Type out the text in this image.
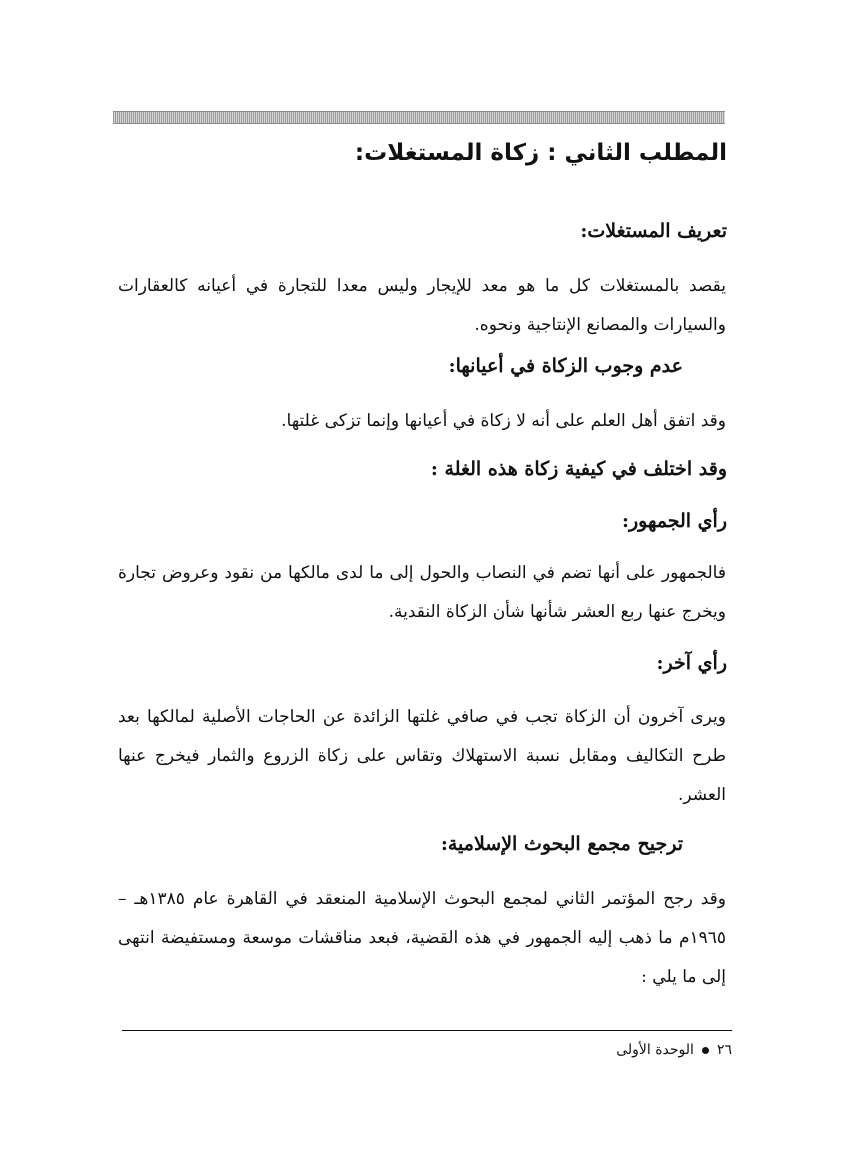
المطلب الثاني : زكاة المستغلات:
تعريف المستغلات:
يقصد بالمستغلات كل ما هو معد للإيجار وليس معدا للتجارة في أعيانه كالعقارات والسيارات والمصانع الإنتاجية ونحوه.
عدم وجوب الزكاة في أعيانها:
وقد اتفق أهل العلم على أنه لا زكاة في أعيانها وإنما تزكى غلتها.
وقد اختلف في كيفية زكاة هذه الغلة :
رأي الجمهور:
فالجمهور على أنها تضم في النصاب والحول إلى ما لدى مالكها من نقود وعروض تجارة ويخرج عنها ربع العشر شأنها شأن الزكاة النقدية.
رأي آخر:
ويرى آخرون أن الزكاة تجب في صافي غلتها الزائدة عن الحاجات الأصلية لمالكها بعد طرح التكاليف ومقابل نسبة الاستهلاك وتقاس على زكاة الزروع والثمار فيخرج عنها العشر.
ترجيح مجمع البحوث الإسلامية:
وقد رجح المؤتمر الثاني لمجمع البحوث الإسلامية المنعقد في القاهرة عام ١٣٨٥هـ – ١٩٦٥م ما ذهب إليه الجمهور في هذه القضية، فبعد مناقشات موسعة ومستفيضة انتهى إلى ما يلي :
٢٦
الوحدة الأولى
